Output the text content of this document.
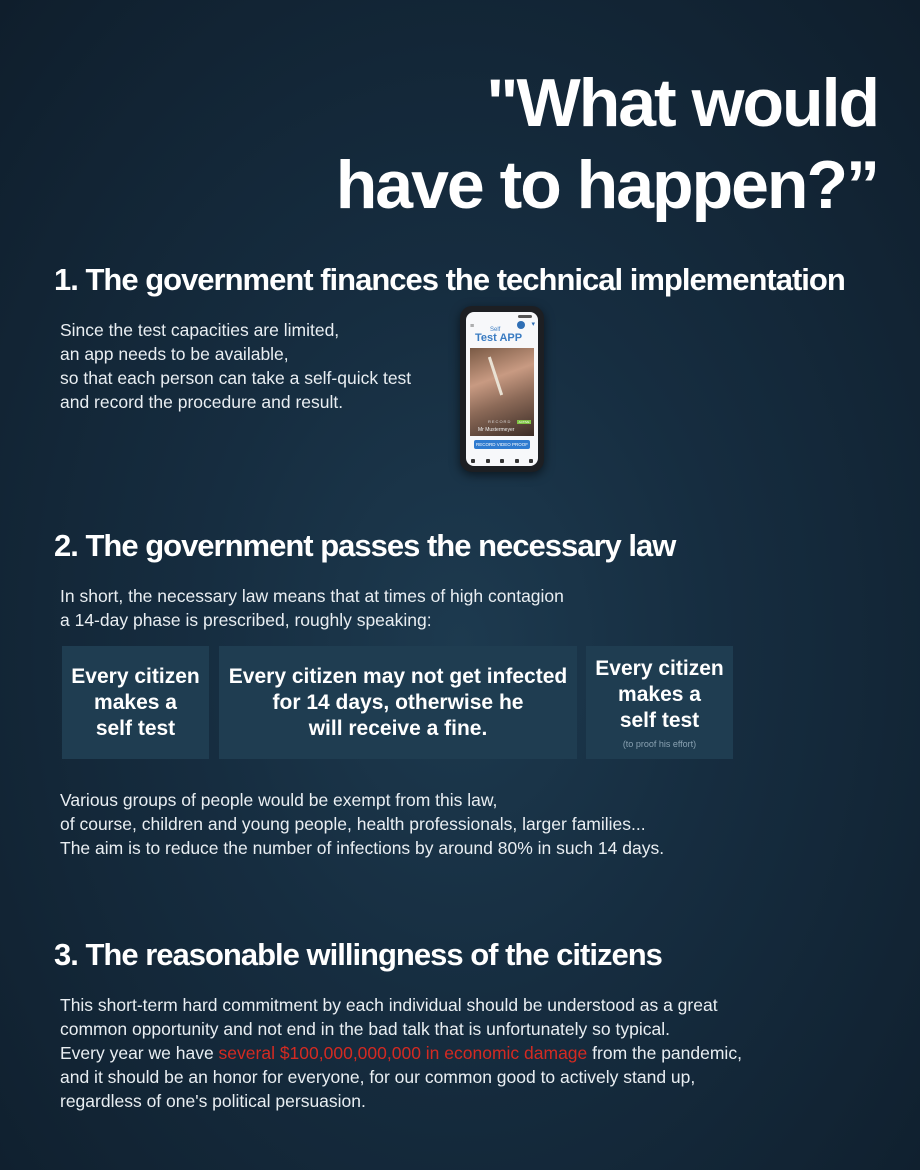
"What would
have to happen?”
1. The government finances the technical implementation

Since the test capacities are limited,
an app needs to be available,
so that each person can take a self-quick test
and record the procedure and result.

≡	▾
Self
Test APP
RECORD	ACTIVE
Mr Mustermeyer
RECORD VIDEO PROOF
2. The government passes the necessary law

In short, the necessary law means that at times of high contagion
a 14-day phase is prescribed, roughly speaking:

Every citizen
makes a
self test
Every citizen may not get infected
for 14 days, otherwise he
will receive a fine.
Every citizen
makes a
self test
(to proof his effort)

Various groups of people would be exempt from this law,
of course, children and young people, health professionals, larger families...
The aim is to reduce the number of infections by around 80% in such 14 days.

3. The reasonable willingness of the citizens

This short-term hard commitment by each individual should be understood as a great
common opportunity and not end in the bad talk that is unfortunately so typical.
Every year we have several $100,000,000,000 in economic damage from the pandemic,
and it should be an honor for everyone, for our common good to actively stand up,
regardless of one's political persuasion.
